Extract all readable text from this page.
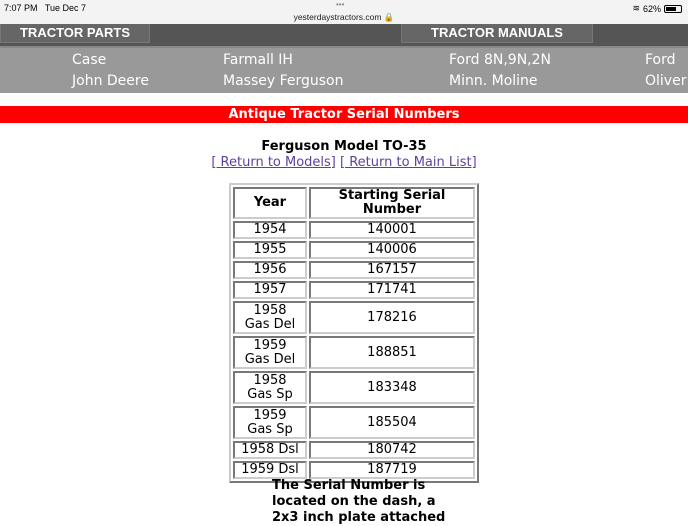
7:07 PM Tue Dec 7	•••
yesterdaystractors.com 🔒
≋ 62%
TRACTOR PARTS	TRACTOR MANUALS
Case	Farmall IH	Ford 8N,9N,2N	Ford
John Deere	Massey Ferguson	Minn. Moline	Oliver
Antique Tractor Serial Numbers
Ferguson Model TO-35
[ Return to Models] [ Return to Main List]
Year	Starting Serial Number
1954	140001
1955	140006
1956	167157
1957	171741
1958 Gas Del	178216
1959 Gas Del	188851
1958 Gas Sp	183348
1959 Gas Sp	185504
1958 Dsl	180742
1959 Dsl	187719
The Serial Number is located on the dash, a 2x3 inch plate attached
